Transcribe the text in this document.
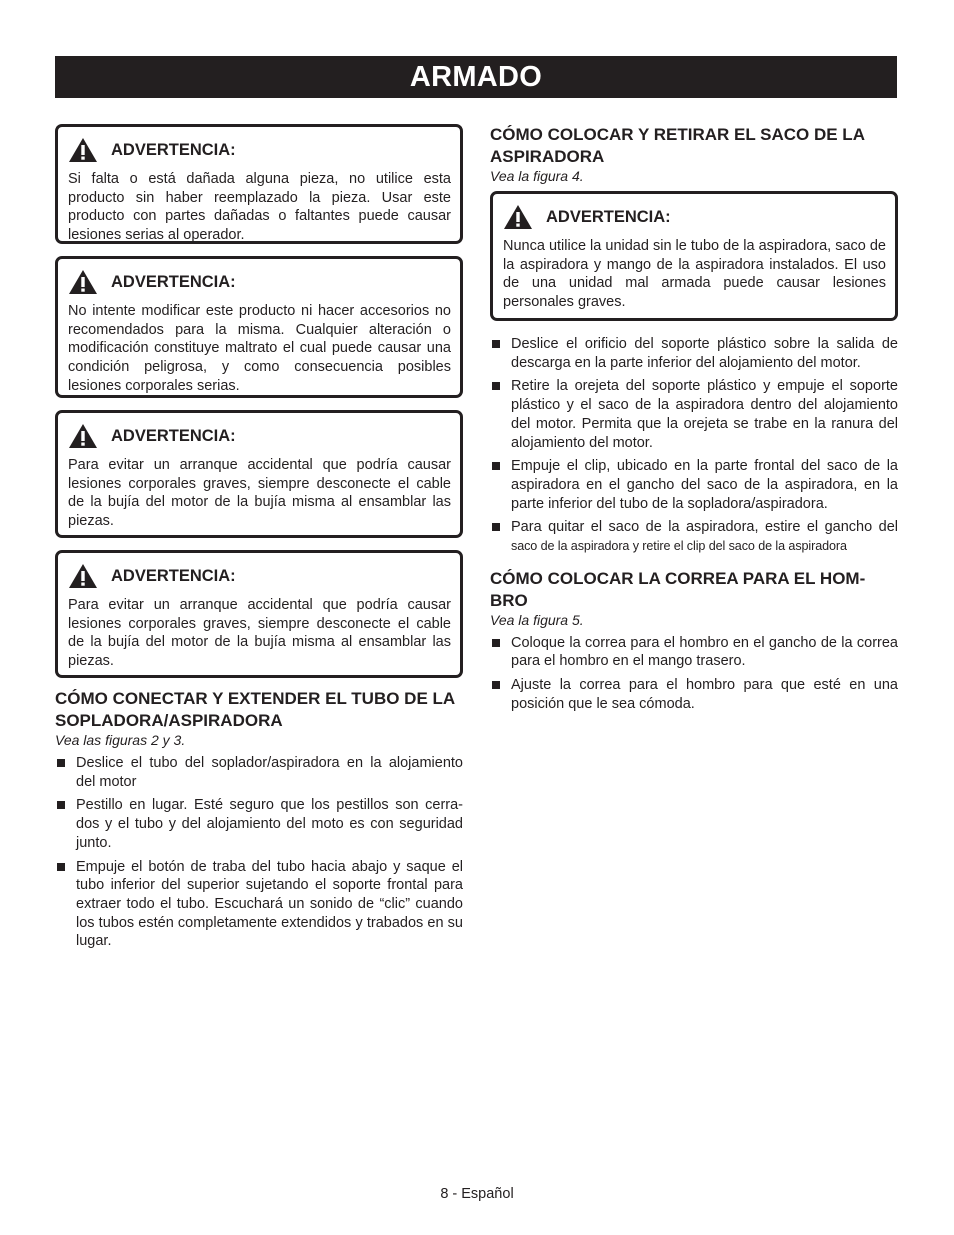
ARMADO
ADVERTENCIA:
Si falta o está dañada alguna pieza, no utilice esta producto sin haber reemplazado la pieza. Usar este producto con partes dañadas o faltantes puede causar lesiones serias al operador.
ADVERTENCIA:
No intente modificar este producto ni hacer accesorios no recomendados para la misma. Cualquier alteración o modificación constituye maltrato el cual puede causar una condición peligrosa, y como consecuencia posibles lesiones corporales serias.
ADVERTENCIA:
Para evitar un arranque accidental que podría causar lesiones corporales graves, siempre desconecte el cable de la bujía del motor de la bujía misma al ensamblar las piezas.
ADVERTENCIA:
Para evitar un arranque accidental que podría causar lesiones corporales graves, siempre desconecte el cable de la bujía del motor de la bujía misma al ensamblar las piezas.
CÓMO CONECTAR Y EXTENDER EL TUBO DE LA SOPLADORA/ASPIRADORA
Vea las figuras 2 y 3.
Deslice el tubo del soplador/aspiradora en la alojamiento del motor
Pestillo en lugar. Esté seguro que los pestillos son cerra-dos y el tubo y del alojamiento del moto es con seguridad junto.
Empuje el botón de traba del tubo hacia abajo y saque el tubo inferior del superior sujetando el soporte frontal para extraer todo el tubo. Escuchará un sonido de “clic” cuando los tubos estén completamente extendidos y trabados en su lugar.
CÓMO COLOCAR Y RETIRAR EL SACO DE LA ASPIRADORA
Vea la figura 4.
ADVERTENCIA:
Nunca utilice la unidad sin le tubo de la aspiradora, saco de la aspiradora y mango de la aspiradora instalados. El uso de una unidad mal armada puede causar lesiones personales graves.
Deslice el orificio del soporte plástico sobre la salida de descarga en la parte inferior del alojamiento del motor.
Retire la orejeta del soporte plástico y empuje el soporte plástico y el saco de la aspiradora dentro del alojamiento del motor. Permita que la orejeta se trabe en la ranura del alojamiento del motor.
Empuje el clip, ubicado en la parte frontal del saco de la aspiradora en el gancho del saco de la aspiradora, en la parte inferior del tubo de la sopladora/aspiradora.
Para quitar el saco de la aspiradora, estire el gancho del
saco de la aspiradora y retire el clip del saco de la aspiradora
CÓMO COLOCAR LA CORREA PARA EL HOM-BRO
Vea la figura 5.
Coloque la correa para el hombro en el gancho de la correa para el hombro en el mango trasero.
Ajuste la correa para el hombro para que esté en una posición que le sea cómoda.
8 - Español
